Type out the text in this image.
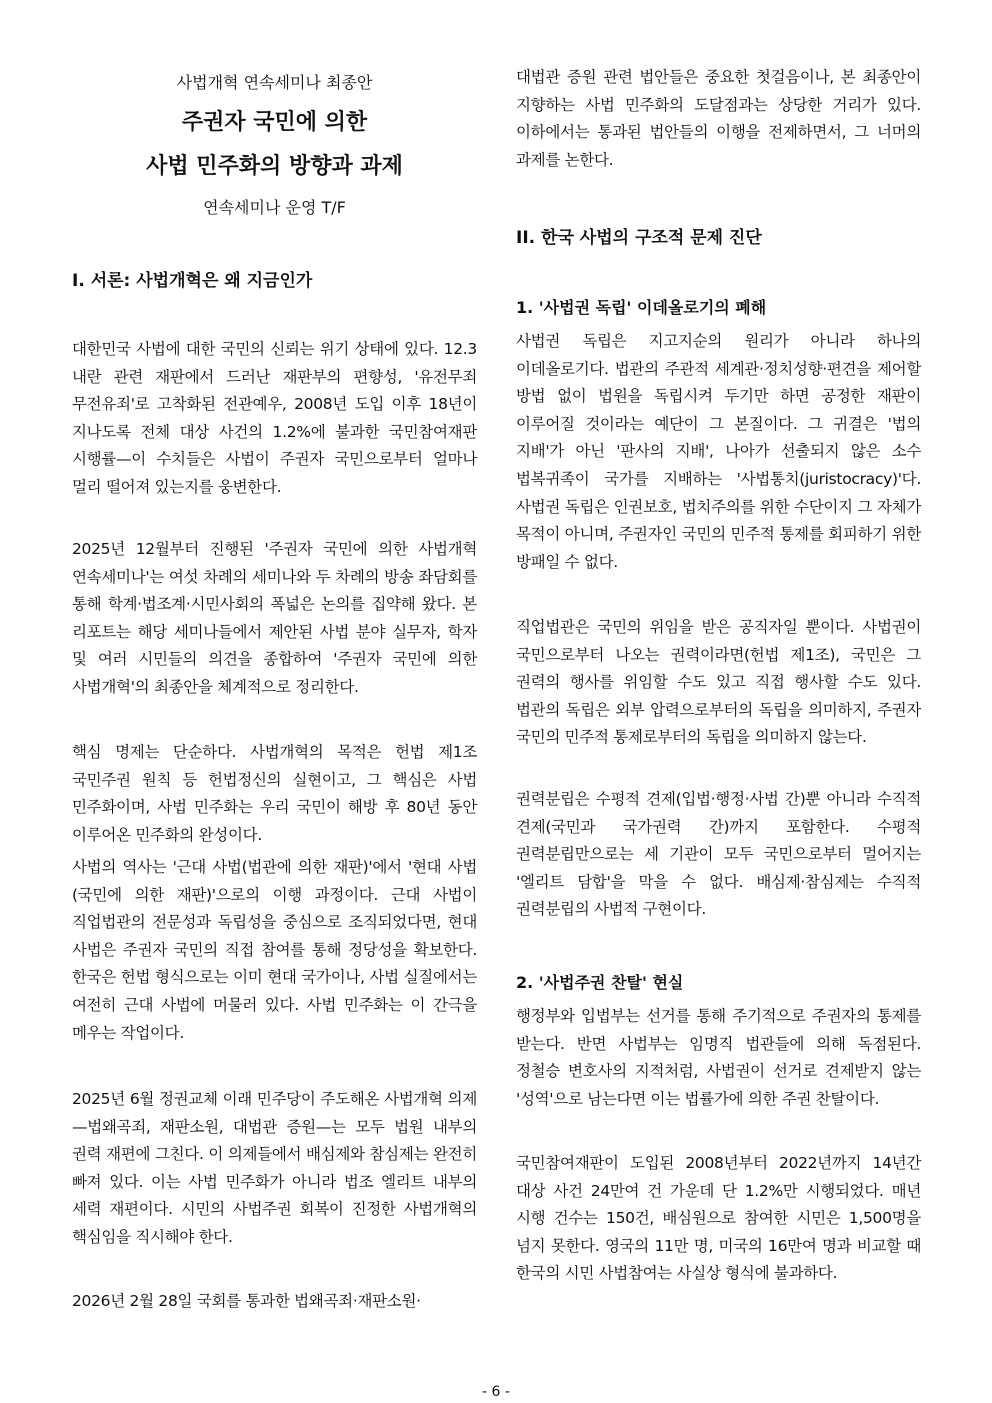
사법개혁 연속세미나 최종안
주권자 국민에 의한
사법 민주화의 방향과 과제
연속세미나 운영 T/F
I. 서론: 사법개혁은 왜 지금인가

대한민국 사법에 대한 국민의 신뢰는 위기 상태에 있다. 12.3 내란 관련 재판에서 드러난 재판부의 편향성, '유전무죄 무전유죄'로 고착화된 전관예우, 2008년 도입 이후 18년이 지나도록 전체 대상 사건의 1.2%에 불과한 국민참여재판 시행률—이 수치들은 사법이 주권자 국민으로부터 얼마나 멀리 떨어져 있는지를 웅변한다.

2025년 12월부터 진행된 '주권자 국민에 의한 사법개혁 연속세미나'는 여섯 차례의 세미나와 두 차례의 방송 좌담회를 통해 학계·법조계·시민사회의 폭넓은 논의를 집약해 왔다. 본 리포트는 해당 세미나들에서 제안된 사법 분야 실무자, 학자 및 여러 시민들의 의견을 종합하여 '주권자 국민에 의한 사법개혁'의 최종안을 체계적으로 정리한다.

핵심 명제는 단순하다. 사법개혁의 목적은 헌법 제1조 국민주권 원칙 등 헌법정신의 실현이고, 그 핵심은 사법 민주화이며, 사법 민주화는 우리 국민이 해방 후 80년 동안 이루어온 민주화의 완성이다.

사법의 역사는 '근대 사법(법관에 의한 재판)'에서 '현대 사법(국민에 의한 재판)'으로의 이행 과정이다. 근대 사법이 직업법관의 전문성과 독립성을 중심으로 조직되었다면, 현대 사법은 주권자 국민의 직접 참여를 통해 정당성을 확보한다. 한국은 헌법 형식으로는 이미 현대 국가이나, 사법 실질에서는 여전히 근대 사법에 머물러 있다. 사법 민주화는 이 간극을 메우는 작업이다.

2025년 6월 정권교체 이래 민주당이 주도해온 사법개혁 의제—법왜곡죄, 재판소원, 대법관 증원—는 모두 법원 내부의 권력 재편에 그친다. 이 의제들에서 배심제와 참심제는 완전히 빠져 있다. 이는 사법 민주화가 아니라 법조 엘리트 내부의 세력 재편이다. 시민의 사법주권 회복이 진정한 사법개혁의 핵심임을 직시해야 한다.

2026년 2월 28일 국회를 통과한 법왜곡죄·재판소원·

대법관 증원 관련 법안들은 중요한 첫걸음이나, 본 최종안이 지향하는 사법 민주화의 도달점과는 상당한 거리가 있다. 이하에서는 통과된 법안들의 이행을 전제하면서, 그 너머의 과제를 논한다.

II. 한국 사법의 구조적 문제 진단
1. '사법권 독립' 이데올로기의 폐해

사법권 독립은 지고지순의 원리가 아니라 하나의 이데올로기다. 법관의 주관적 세계관·정치성향·편견을 제어할 방법 없이 법원을 독립시켜 두기만 하면 공정한 재판이 이루어질 것이라는 예단이 그 본질이다. 그 귀결은 '법의 지배'가 아닌 '판사의 지배', 나아가 선출되지 않은 소수 법복귀족이 국가를 지배하는 '사법통치(juristocracy)'다. 사법권 독립은 인권보호, 법치주의를 위한 수단이지 그 자체가 목적이 아니며, 주권자인 국민의 민주적 통제를 회피하기 위한 방패일 수 없다.

직업법관은 국민의 위임을 받은 공직자일 뿐이다. 사법권이 국민으로부터 나오는 권력이라면(헌법 제1조), 국민은 그 권력의 행사를 위임할 수도 있고 직접 행사할 수도 있다. 법관의 독립은 외부 압력으로부터의 독립을 의미하지, 주권자 국민의 민주적 통제로부터의 독립을 의미하지 않는다.

권력분립은 수평적 견제(입법·행정·사법 간)뿐 아니라 수직적 견제(국민과 국가권력 간)까지 포함한다. 수평적 권력분립만으로는 세 기관이 모두 국민으로부터 멀어지는 '엘리트 담합'을 막을 수 없다. 배심제·참심제는 수직적 권력분립의 사법적 구현이다.

2. '사법주권 찬탈' 현실

행정부와 입법부는 선거를 통해 주기적으로 주권자의 통제를 받는다. 반면 사법부는 임명직 법관들에 의해 독점된다. 정철승 변호사의 지적처럼, 사법권이 선거로 견제받지 않는 '성역'으로 남는다면 이는 법률가에 의한 주권 찬탈이다.

국민참여재판이 도입된 2008년부터 2022년까지 14년간 대상 사건 24만여 건 가운데 단 1.2%만 시행되었다. 매년 시행 건수는 150건, 배심원으로 참여한 시민은 1,500명을 넘지 못한다. 영국의 11만 명, 미국의 16만여 명과 비교할 때 한국의 시민 사법참여는 사실상 형식에 불과하다.

- 6 -
